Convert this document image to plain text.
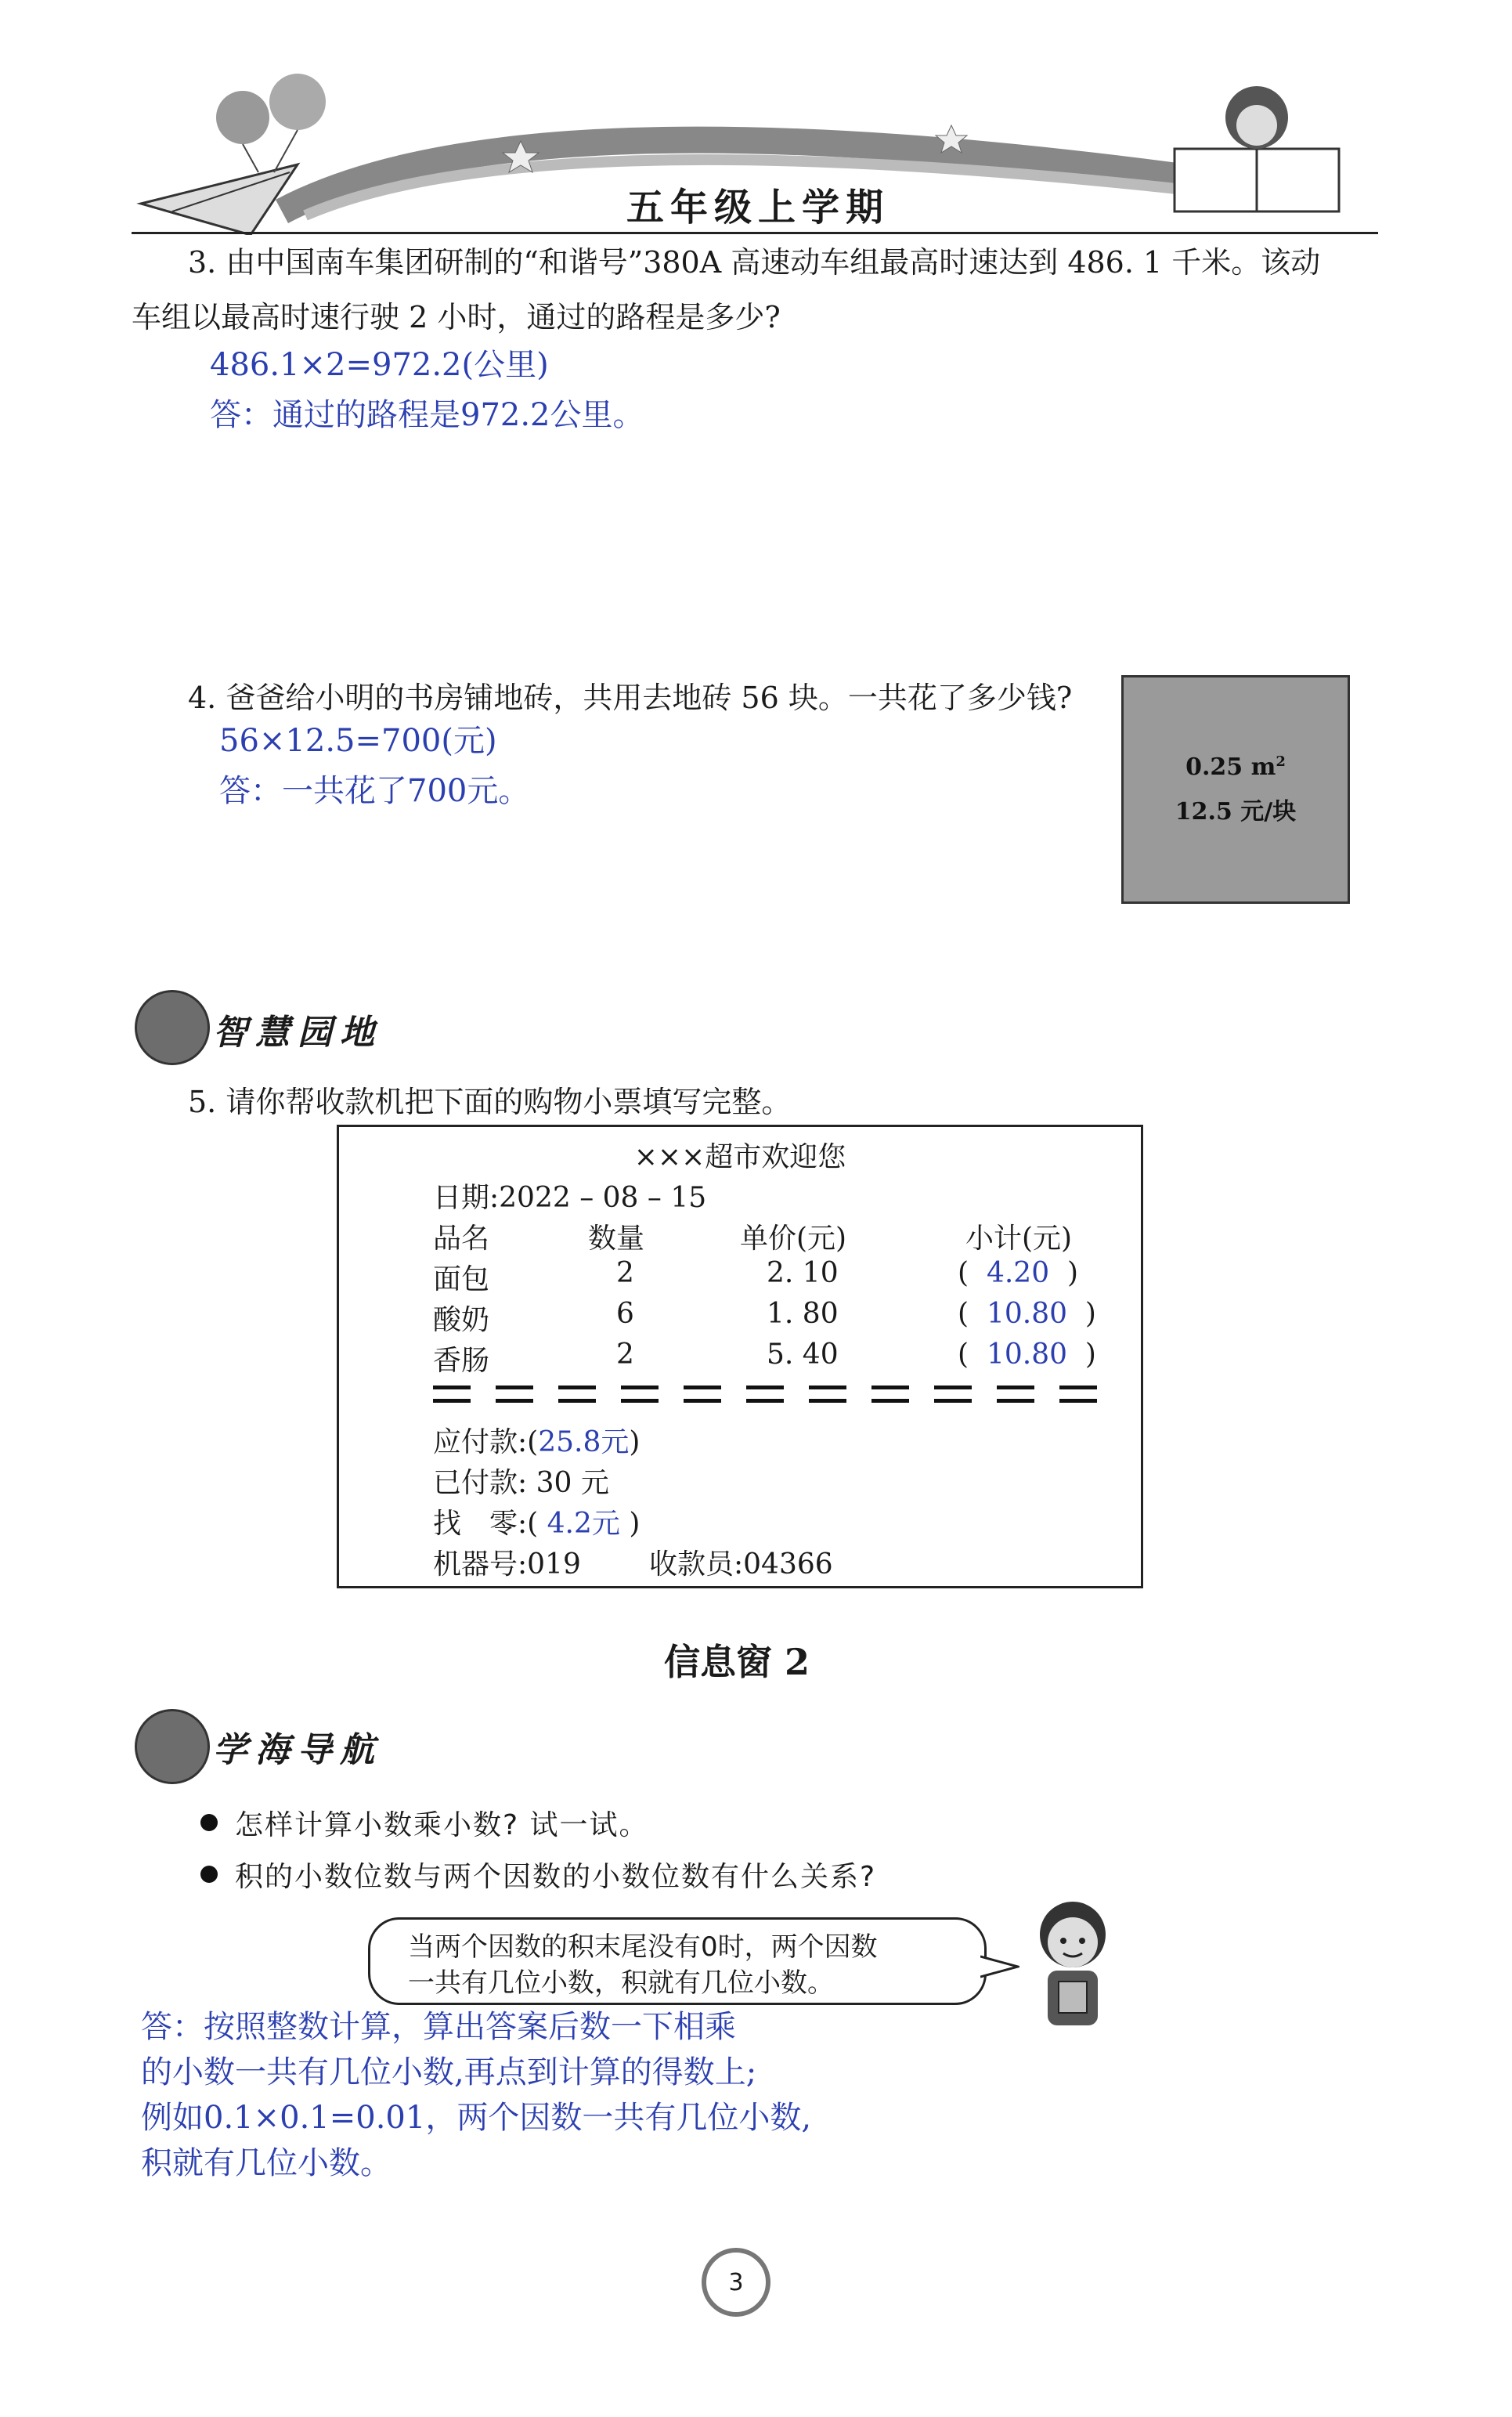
五年级上学期
3. 由中国南车集团研制的“和谐号”380A 高速动车组最高时速达到 486. 1 千米。该动
车组以最高时速行驶 2 小时，通过的路程是多少?
486.1×2=972.2(公里)
答：通过的路程是972.2公里。
4. 爸爸给小明的书房铺地砖，共用去地砖 56 块。一共花了多少钱?
56×12.5=700(元)
答：一共花了700元。
0.25 $m^2$
12.5 元/块
智慧园地
5. 请你帮收款机把下面的购物小票填写完整。
×××超市欢迎您
日期:2022 – 08 – 15
品名	数量	单价(元)	小计(元)
面包	2	2. 10	(  4.20  )
酸奶	6	1. 80	(  10.80  )
香肠	2	5. 40	(  10.80  )
应付款:(25.8元)
已付款: 30 元
找　零:( 4.2元 )
机器号:019 收款员:04366
信息窗 2
学海导航
怎样计算小数乘小数? 试一试。
积的小数位数与两个因数的小数位数有什么关系?
当两个因数的积末尾没有0时，两个因数
一共有几位小数，积就有几位小数。
答：按照整数计算，算出答案后数一下相乘
的小数一共有几位小数,再点到计算的得数上;
例如0.1×0.1=0.01，两个因数一共有几位小数,
积就有几位小数。
3
